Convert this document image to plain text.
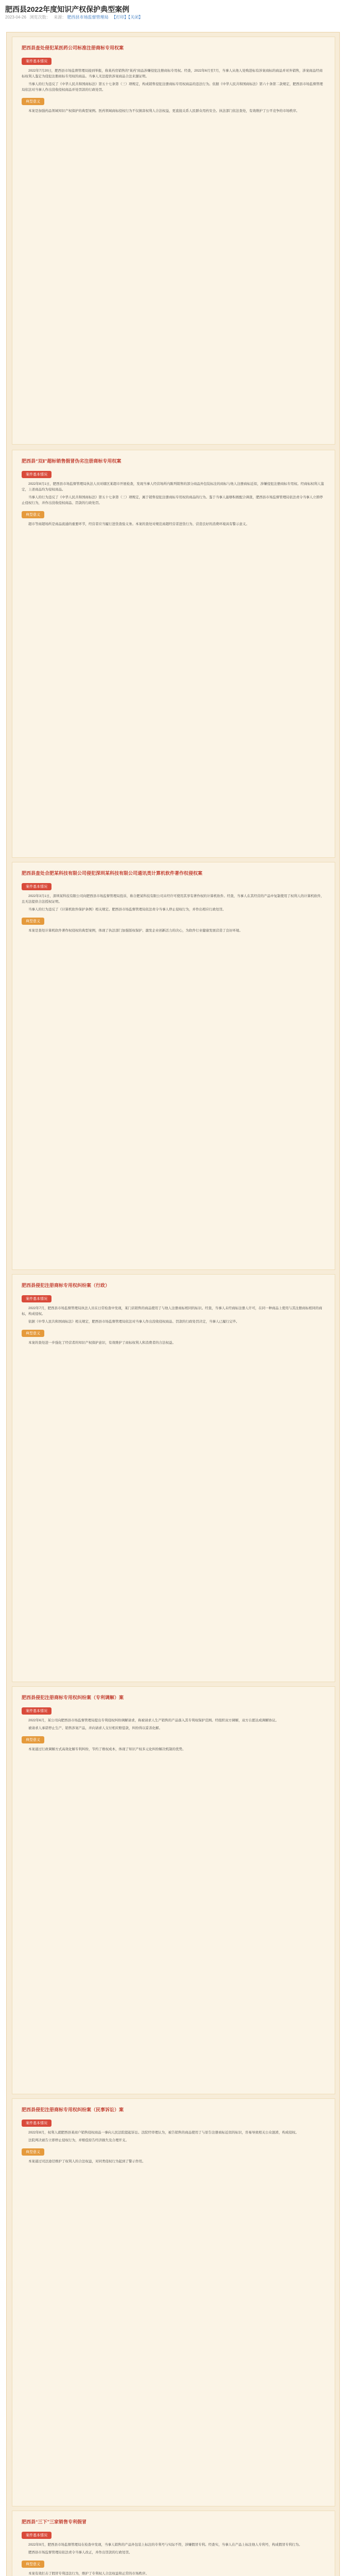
肥西县2022年度知识产权保护典型案例
2023-04-26 浏览次数： 来源： 肥西县市场监督管理局 【打印】【关闭】
肥西县查处侵犯某医药公司标准注册商标专用权案
案件基本情况
2022年7月20日，肥西县市场监督管理局接到举报，称某药房销售的“某药”商品涉嫌侵犯注册商标专用权。经查，2022年6月至7月，当事人从他人处购进标有涉案商标的商品并对外销售，涉案商品经商标权利人鉴定为侵犯注册商标专用权的商品。当事人无法提供涉案商品合法来源证明。
当事人的行为违反了《中华人民共和国商标法》第五十七条第（三）项规定，构成销售侵犯注册商标专用权商品的违法行为。依据《中华人民共和国商标法》第六十条第二款规定，肥西县市场监督管理局依法对当事人作出没收侵权商品并处罚款的行政处罚。
典型意义
本案是加强药品领域知识产权保护的典型案例。医药领域商标侵权行为不仅损害权利人合法权益，更直接关系人民群众用药安全。执法部门依法查处，有效维护了公平竞争的市场秩序。
肥西县“双Ⅱ”超标销售假冒伪劣注册商标专用权案
案件基本情况
2022年8月1日，肥西县市场监督管理局执法人员对辖区某超市开展检查，发现当事人经营场所内陈列销售的部分商品外包装标注的商标与他人注册商标近似，涉嫌侵犯注册商标专用权。经商标权利人鉴定，上述商品均为侵权商品。
当事人的行为违反了《中华人民共和国商标法》第五十七条第（三）项规定，属于销售侵犯注册商标专用权的商品的行为。鉴于当事人能够积极配合调查，肥西县市场监督管理局依法责令当事人立即停止侵权行为，并作出没收侵权商品、罚款的行政处罚。
典型意义
超市等商超场所是商品流通的重要环节，经营者应当履行进货查验义务。本案的查处对规范商超经营者进货行为、营造良好的消费环境具有警示意义。
肥西县查处合肥某科技有限公司侵犯深圳某科技有限公司通讯类计算机软件著作权侵权案
案件基本情况
2022年3月1日，深圳某科技有限公司向肥西县市场监督管理局投诉，称合肥某科技有限公司未经许可使用其享有著作权的计算机软件。经查，当事人在其经营的产品中复制使用了权利人的计算机软件，且无法提供合法授权证明。
当事人的行为违反了《计算机软件保护条例》相关规定。肥西县市场监督管理局依法责令当事人停止侵权行为，并作出相应行政处罚。
典型意义
本案是查处计算机软件著作权侵权的典型案例，体现了执法部门加强版权保护、激发企业创新活力的决心，为软件行业健康发展营造了良好环境。
肥西县侵犯注册商标专用权纠纷案（行政）
案件基本情况
2022年7月，肥西县市场监督管理局执法人员在日常检查中发现，某门店销售的商品使用了与他人注册商标相同的标识。经查，当事人未经商标注册人许可，在同一种商品上使用与其注册商标相同的商标，构成侵权。
依据《中华人民共和国商标法》相关规定，肥西县市场监督管理局依法对当事人作出没收侵权商品、罚款的行政处罚决定，当事人已履行完毕。
典型意义
本案的查处进一步强化了经营者的知识产权保护意识，有效维护了商标权利人和消费者的合法权益。
肥西县侵犯注册商标专用权纠纷案（专利调解）案
案件基本情况
2022年6月，某公司向肥西县市场监督管理局提出专利侵权纠纷调解请求，称被请求人生产销售的产品落入其专利权保护范围。经组织双方调解，双方自愿达成调解协议。
被请求人承诺停止生产、销售涉案产品，并向请求人支付相应赔偿款，纠纷得以妥善化解。
典型意义
本案通过行政调解方式高效化解专利纠纷，节约了维权成本，体现了知识产权多元化纠纷解决机制的优势。
肥西县侵犯注册商标专用权纠纷案（民事诉讼）案
案件基本情况
2022年8月，权利人就肥西县某商户销售侵权商品一事向人民法院提起诉讼。法院经审理认为，被告销售的商品使用了与原告注册商标近似的标识，容易导致相关公众混淆，构成侵权。
法院判决被告立即停止侵权行为，并赔偿原告经济损失及合理开支。
典型意义
本案通过司法途径维护了权利人的合法权益，对同类侵权行为起到了警示作用。
肥西县“三下”三家销售专利假冒
案件基本情况
2022年9月，肥西县市场监督管理局在检查中发现，当事人销售的产品外包装上标注的专利号与实际不符，涉嫌假冒专利。经查实，当事人在产品上标注他人专利号，构成假冒专利行为。
肥西县市场监督管理局依法责令当事人改正，并作出罚款的行政处罚。
典型意义
本案有效打击了假冒专利违法行为，维护了专利权人合法权益和正常的市场秩序。
